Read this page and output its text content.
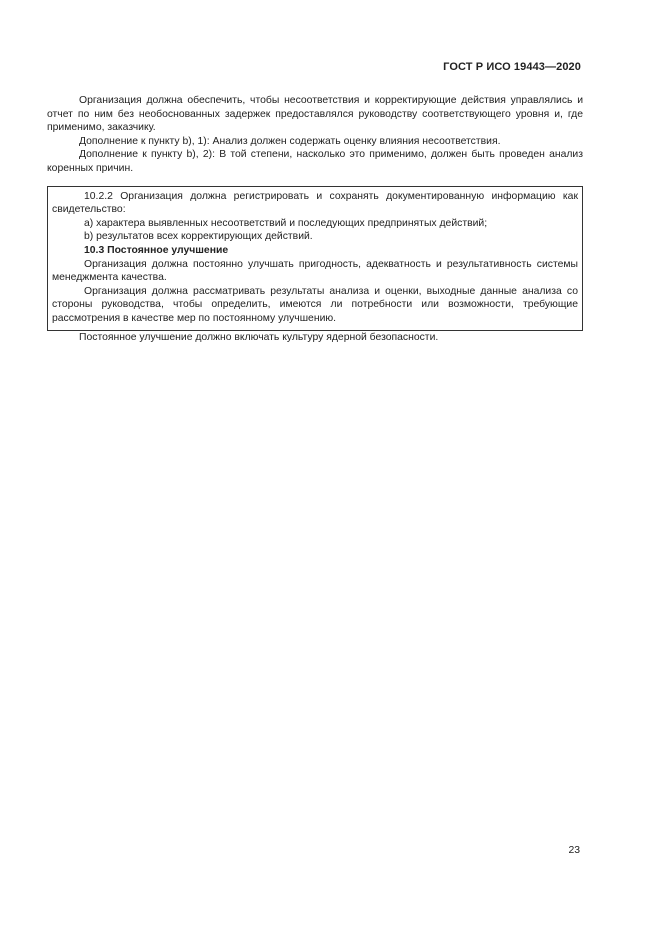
ГОСТ Р ИСО 19443—2020

Организация должна обеспечить, чтобы несоответствия и корректирующие действия управлялись и отчет по ним без необоснованных задержек предоставлялся руководству соответствующего уровня и, где применимо, заказчику.

Дополнение к пункту b), 1): Анализ должен содержать оценку влияния несоответствия.

Дополнение к пункту b), 2): В той степени, насколько это применимо, должен быть проведен анализ коренных причин.

10.2.2 Организация должна регистрировать и сохранять документированную информацию как свидетельство:

a) характера выявленных несоответствий и последующих предпринятых действий;

b) результатов всех корректирующих действий.

10.3 Постоянное улучшение

Организация должна постоянно улучшать пригодность, адекватность и результативность системы менеджмента качества.

Организация должна рассматривать результаты анализа и оценки, выходные данные анализа со стороны руководства, чтобы определить, имеются ли потребности или возможности, требующие рассмотрения в качестве мер по постоянному улучшению.

Постоянное улучшение должно включать культуру ядерной безопасности.

23
